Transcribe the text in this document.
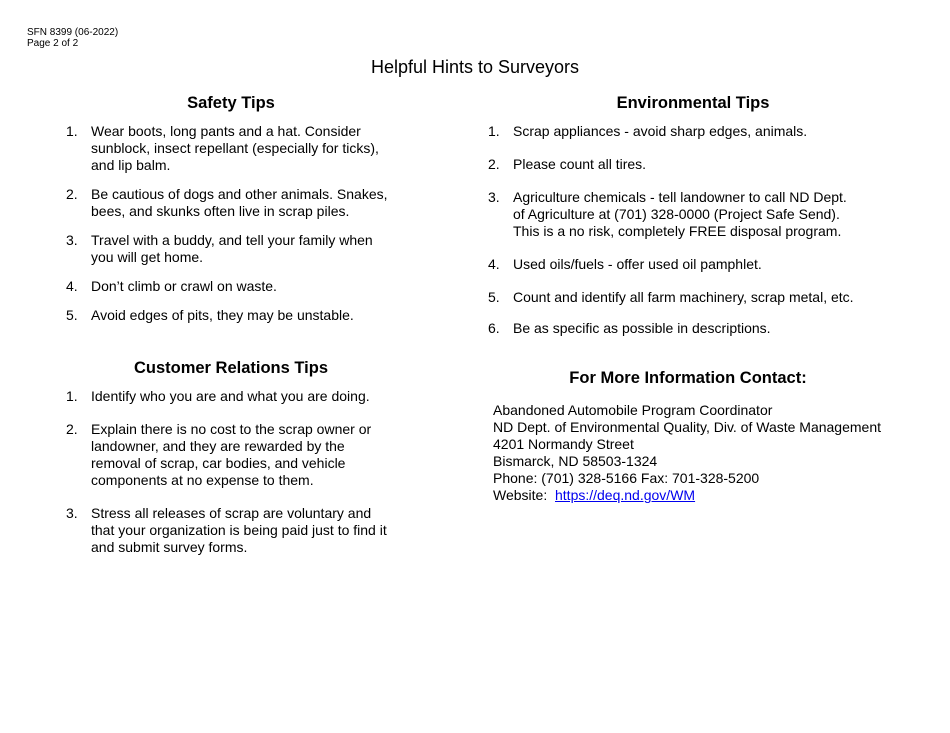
SFN 8399 (06-2022)
Page 2 of 2
Helpful Hints to Surveyors
Safety Tips
1. Wear boots, long pants and a hat. Consider sunblock, insect repellant (especially for ticks), and lip balm.
2. Be cautious of dogs and other animals. Snakes, bees, and skunks often live in scrap piles.
3. Travel with a buddy, and tell your family when you will get home.
4. Don’t climb or crawl on waste.
5. Avoid edges of pits, they may be unstable.
Customer Relations Tips
1. Identify who you are and what you are doing.
2. Explain there is no cost to the scrap owner or landowner, and they are rewarded by the removal of scrap, car bodies, and vehicle components at no expense to them.
3. Stress all releases of scrap are voluntary and that your organization is being paid just to find it and submit survey forms.
Environmental Tips
1. Scrap appliances - avoid sharp edges, animals.
2. Please count all tires.
3. Agriculture chemicals - tell landowner to call ND Dept. of Agriculture at (701) 328-0000 (Project Safe Send). This is a no risk, completely FREE disposal program.
4. Used oils/fuels - offer used oil pamphlet.
5. Count and identify all farm machinery, scrap metal, etc.
6. Be as specific as possible in descriptions.
For More Information Contact:
Abandoned Automobile Program Coordinator
ND Dept. of Environmental Quality, Div. of Waste Management
4201 Normandy Street
Bismarck, ND 58503-1324
Phone: (701) 328-5166 Fax: 701-328-5200
Website: https://deq.nd.gov/WM
